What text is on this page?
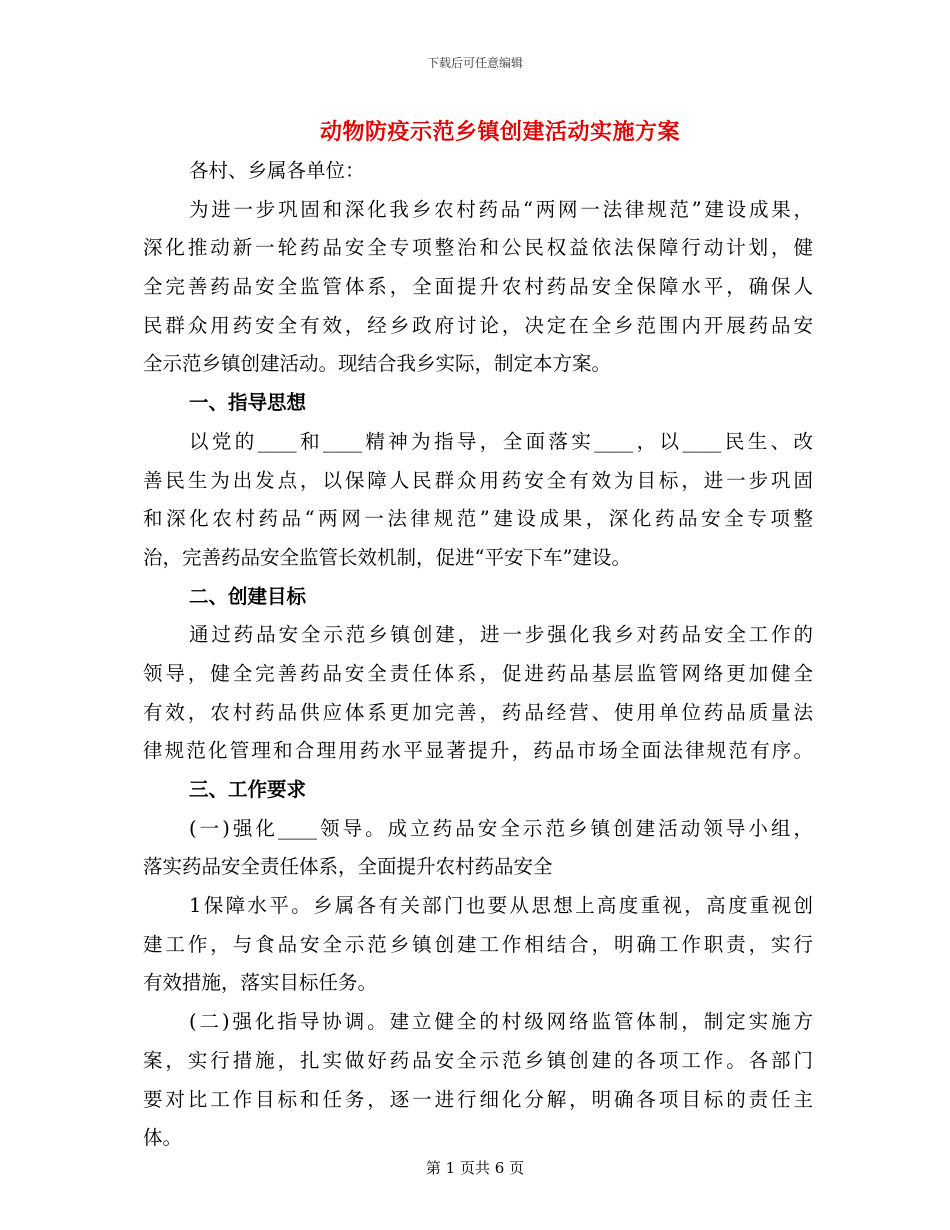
下载后可任意编辑
动物防疫示范乡镇创建活动实施方案
各村、乡属各单位：
为进一步巩固和深化我乡农村药品“两网一法律规范”建设成果，
深化推动新一轮药品安全专项整治和公民权益依法保障行动计划，健
全完善药品安全监管体系，全面提升农村药品安全保障水平，确保人
民群众用药安全有效，经乡政府讨论，决定在全乡范围内开展药品安
全示范乡镇创建活动。现结合我乡实际，制定本方案。
一、指导思想
以党的____和____精神为指导，全面落实____，以____民生、改
善民生为出发点，以保障人民群众用药安全有效为目标，进一步巩固
和深化农村药品“两网一法律规范”建设成果，深化药品安全专项整
治，完善药品安全监管长效机制，促进“平安下车”建设。
二、创建目标
通过药品安全示范乡镇创建，进一步强化我乡对药品安全工作的
领导，健全完善药品安全责任体系，促进药品基层监管网络更加健全
有效，农村药品供应体系更加完善，药品经营、使用单位药品质量法
律规范化管理和合理用药水平显著提升，药品市场全面法律规范有序。
三、工作要求
(一)强化____领导。成立药品安全示范乡镇创建活动领导小组，
落实药品安全责任体系，全面提升农村药品安全
1保障水平。乡属各有关部门也要从思想上高度重视，高度重视创
建工作，与食品安全示范乡镇创建工作相结合，明确工作职责，实行
有效措施，落实目标任务。
(二)强化指导协调。建立健全的村级网络监管体制，制定实施方
案，实行措施，扎实做好药品安全示范乡镇创建的各项工作。各部门
要对比工作目标和任务，逐一进行细化分解，明确各项目标的责任主
体。
第 1 页共 6 页
